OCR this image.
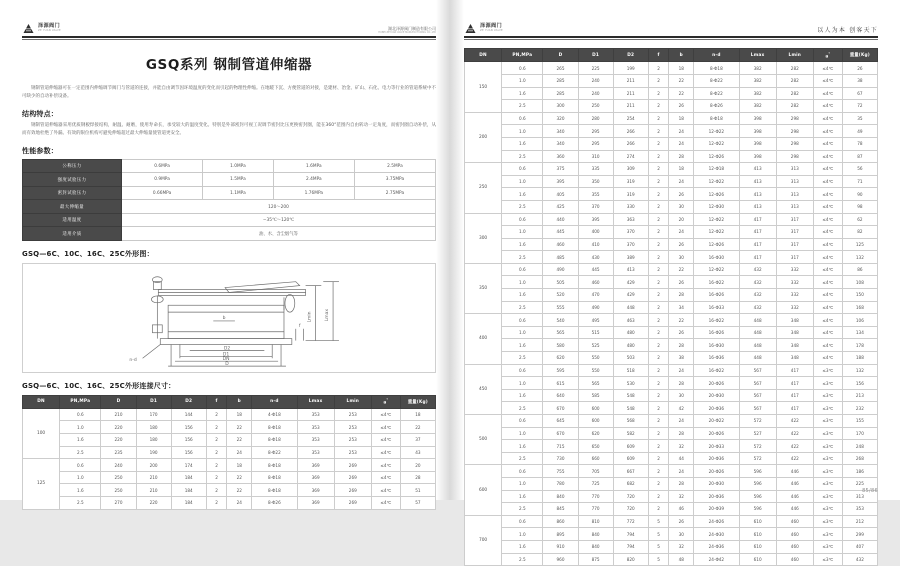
泽源阀门
ZE YUAN VALVE	湖北泽源阀门制造有限公司
HUBEI ZEYUAN VALVE MANUFACTURING CO.,LTD
GSQ系列 钢制管道伸缩器

钢制管道伸缩器可在一定范围内伸缩调节阀门与管道的连接，并能自由调节因环境温度的变化而引起的物理性伸缩。在地暖下沉、方便管道的对接，是建材、冶金、矿山、石化、电力等行业的管道系统中不可缺少的自动补偿设备。

结构特点：

钢制管道伸缩器采用优质钢板焊接结构，耐温、耐磨，使用寿命长，承受较大的温度变化。特别是外部密封可视工况调节密封比压更换密封圈，能在360°范围内自由转动一定角度，而密封圈自动补偿，从而有效地杜绝了外漏。有效的限位机构可避免伸缩超过最大伸缩量使管道更安全。

性能参数：
公称压力	0.6MPa	1.0MPa	1.6MPa	2.5MPa
强度试验压力	0.9MPa	1.5MPa	2.4MPa	3.75MPa
密封试验压力	0.66MPa	1.1MPa	1.76MPa	2.75MPa
最大伸缩量	120～200			
适用温度	−35℃～120℃			
适用介质	油、水、含尘烟气等			
GSQ—6C、10C、16C、25C外形图：
Lmin	Lmax
D2
D1
DN
D
n-d
b
f
GSQ—6C、10C、16C、25C外形连接尺寸：
DN	PN,MPa	D	D1	D2	f	b	n-d	Lmax	Lmin	a°	重量(Kg)
100	0.6	210	170	144	2	18	4-Φ18	353	253	≤4℃	18
	1.0	220	180	156	2	22	8-Φ18	353	253	≤4℃	22
	1.6	220	180	156	2	22	8-Φ18	353	253	≤4℃	37
	2.5	235	190	156	2	24	8-Φ22	353	253	≤4℃	43
125	0.6	240	200	174	2	18	8-Φ18	369	269	≤4℃	20
	1.0	250	210	184	2	22	8-Φ18	369	269	≤4℃	28
	1.6	250	210	184	2	22	8-Φ18	369	269	≤4℃	51
	2.5	270	220	184	2	24	8-Φ26	369	269	≤4℃	57
泽源阀门
ZE YUAN VALVE	以人为本 创客天下
DN	PN,MPa	D	D1	D2	f	b	n-d	Lmax	Lmin	a°	重量(Kg)
150	0.6	265	225	199	2	18	8-Φ18	382	282	≤4℃	26
	1.0	285	240	211	2	22	8-Φ22	382	282	≤4℃	38
	1.6	285	240	211	2	22	8-Φ22	382	282	≤4℃	67
	2.5	300	250	211	2	26	8-Φ26	382	282	≤4℃	72
200	0.6	320	280	254	2	18	8-Φ18	398	298	≤4℃	35
	1.0	340	295	266	2	24	12-Φ22	398	298	≤4℃	49
	1.6	340	295	266	2	24	12-Φ22	398	298	≤4℃	78
	2.5	360	310	274	2	28	12-Φ26	398	298	≤4℃	87
250	0.6	375	335	309	2	18	12-Φ18	413	313	≤4℃	56
	1.0	395	350	319	2	24	12-Φ22	413	313	≤4℃	71
	1.6	405	355	319	2	26	12-Φ26	413	313	≤4℃	90
	2.5	425	370	330	2	30	12-Φ30	413	313	≤4℃	98
300	0.6	440	395	363	2	20	12-Φ22	417	317	≤4℃	62
	1.0	445	400	370	2	24	12-Φ22	417	317	≤4℃	82
	1.6	460	410	370	2	26	12-Φ26	417	317	≤4℃	125
	2.5	485	430	389	2	30	16-Φ30	417	317	≤4℃	132
350	0.6	490	445	413	2	22	12-Φ22	432	332	≤4℃	86
	1.0	505	460	429	2	26	16-Φ22	432	332	≤4℃	108
	1.6	520	470	429	2	28	16-Φ26	432	332	≤4℃	150
	2.5	555	490	448	2	34	16-Φ33	432	332	≤4℃	168
400	0.6	540	495	463	2	22	16-Φ22	448	348	≤4℃	106
	1.0	565	515	480	2	26	16-Φ26	448	348	≤4℃	134
	1.6	580	525	480	2	28	16-Φ30	448	348	≤4℃	178
	2.5	620	550	503	2	38	16-Φ36	448	348	≤4℃	188
450	0.6	595	550	518	2	24	16-Φ22	567	417	≤3℃	132
	1.0	615	565	530	2	28	20-Φ26	567	417	≤3℃	156
	1.6	640	585	548	2	30	20-Φ30	567	417	≤3℃	213
	2.5	670	600	548	2	42	20-Φ36	567	417	≤3℃	232
500	0.6	645	600	568	2	24	20-Φ22	572	422	≤3℃	155
	1.0	670	620	582	2	28	20-Φ26	527	422	≤3℃	170
	1.6	715	650	609	2	32	20-Φ33	572	422	≤3℃	248
	2.5	730	660	609	2	44	20-Φ36	572	422	≤3℃	268
600	0.6	755	705	667	2	24	20-Φ26	596	446	≤3℃	186
	1.0	780	725	682	2	28	20-Φ30	596	446	≤3℃	225
	1.6	840	770	720	2	32	20-Φ36	596	446	≤3℃	313
	2.5	845	770	720	2	46	20-Φ39	596	446	≤3℃	353
700	0.6	860	810	772	5	26	24-Φ26	610	460	≤3℃	212
	1.0	895	840	794	5	30	24-Φ30	610	460	≤3℃	299
	1.6	910	840	794	5	32	24-Φ36	610	460	≤3℃	407
	2.5	960	875	820	5	48	24-Φ42	610	460	≤3℃	432
85/86
